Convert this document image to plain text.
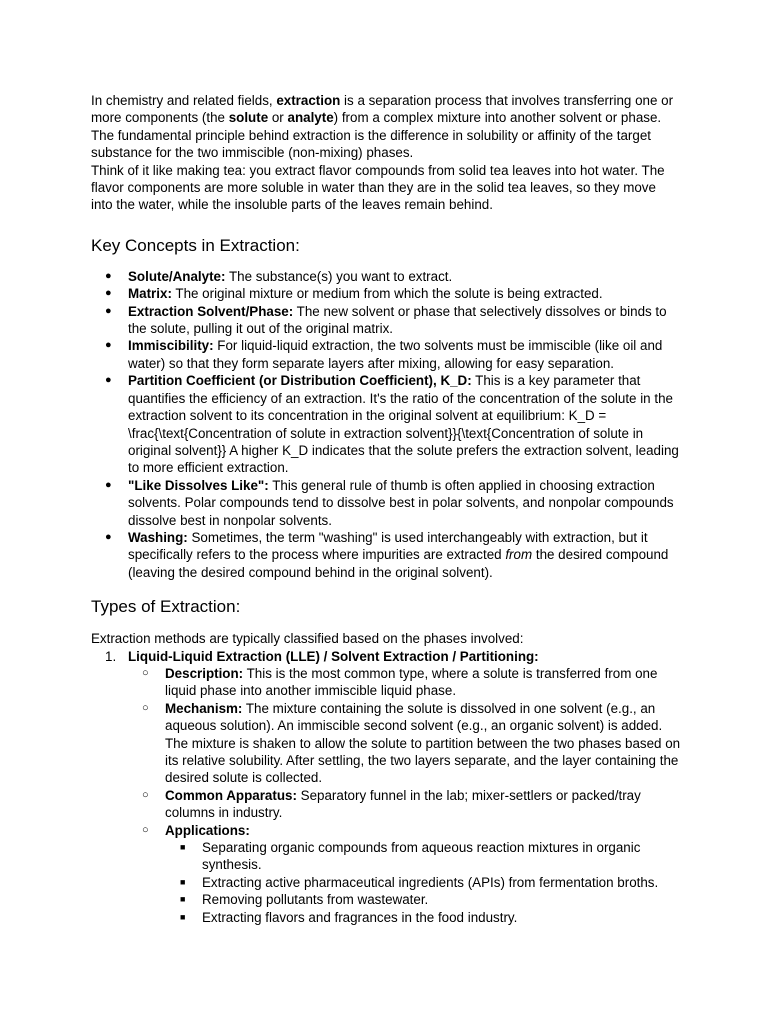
In chemistry and related fields, extraction is a separation process that involves transferring one or more components (the solute or analyte) from a complex mixture into another solvent or phase. The fundamental principle behind extraction is the difference in solubility or affinity of the target substance for the two immiscible (non-mixing) phases.

Think of it like making tea: you extract flavor compounds from solid tea leaves into hot water. The flavor components are more soluble in water than they are in the solid tea leaves, so they move into the water, while the insoluble parts of the leaves remain behind.

Key Concepts in Extraction:
● Solute/Analyte: The substance(s) you want to extract.
● Matrix: The original mixture or medium from which the solute is being extracted.
● Extraction Solvent/Phase: The new solvent or phase that selectively dissolves or binds to the solute, pulling it out of the original matrix.
● Immiscibility: For liquid-liquid extraction, the two solvents must be immiscible (like oil and water) so that they form separate layers after mixing, allowing for easy separation.
● Partition Coefficient (or Distribution Coefficient), K_D: This is a key parameter that quantifies the efficiency of an extraction. It's the ratio of the concentration of the solute in the extraction solvent to its concentration in the original solvent at equilibrium: K_D = \frac{\text{Concentration of solute in extraction solvent}}{\text{Concentration of solute in original solvent}} A higher K_D indicates that the solute prefers the extraction solvent, leading to more efficient extraction.
● "Like Dissolves Like": This general rule of thumb is often applied in choosing extraction solvents. Polar compounds tend to dissolve best in polar solvents, and nonpolar compounds dissolve best in nonpolar solvents.
● Washing: Sometimes, the term "washing" is used interchangeably with extraction, but it specifically refers to the process where impurities are extracted from the desired compound (leaving the desired compound behind in the original solvent).
Types of Extraction:

Extraction methods are typically classified based on the phases involved:

1. Liquid-Liquid Extraction (LLE) / Solvent Extraction / Partitioning:
○ Description: This is the most common type, where a solute is transferred from one liquid phase into another immiscible liquid phase.
○ Mechanism: The mixture containing the solute is dissolved in one solvent (e.g., an aqueous solution). An immiscible second solvent (e.g., an organic solvent) is added. The mixture is shaken to allow the solute to partition between the two phases based on its relative solubility. After settling, the two layers separate, and the layer containing the desired solute is collected.
○ Common Apparatus: Separatory funnel in the lab; mixer-settlers or packed/tray columns in industry.
○ Applications:
■ Separating organic compounds from aqueous reaction mixtures in organic synthesis.
■ Extracting active pharmaceutical ingredients (APIs) from fermentation broths.
■ Removing pollutants from wastewater.
■ Extracting flavors and fragrances in the food industry.
